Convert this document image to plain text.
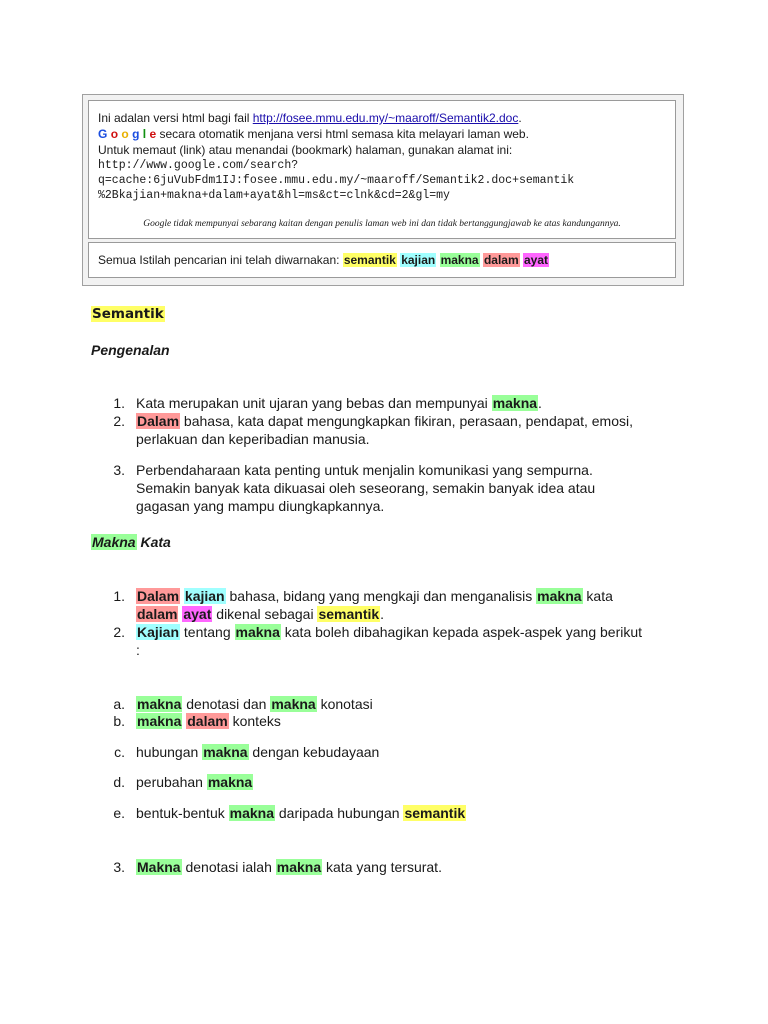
Ini adalan versi html bagi fail http://fosee.mmu.edu.my/~maaroff/Semantik2.doc.
G o o g l e secara otomatik menjana versi html semasa kita melayari laman web.
Untuk memaut (link) atau menandai (bookmark) halaman, gunakan alamat ini:
http://www.google.com/search?
q=cache:6juVubFdm1IJ:fosee.mmu.edu.my/~maaroff/Semantik2.doc+semantik
%2Bkajian+makna+dalam+ayat&hl=ms&ct=clnk&cd=2&gl=my
Google tidak mempunyai sebarang kaitan dengan penulis laman web ini dan tidak bertanggungjawab ke atas kandungannya.
Semua Istilah pencarian ini telah diwarnakan: semantik kajian makna dalam ayat
Semantik
Pengenalan
1. Kata merupakan unit ujaran yang bebas dan mempunyai makna.
2. Dalam bahasa, kata dapat mengungkapkan fikiran, perasaan, pendapat, emosi,
perlakuan dan keperibadian manusia.
3. Perbendaharaan kata penting untuk menjalin komunikasi yang sempurna.
Semakin banyak kata dikuasai oleh seseorang, semakin banyak idea atau
gagasan yang mampu diungkapkannya.
Makna Kata
1. Dalam kajian bahasa, bidang yang mengkaji dan menganalisis makna kata
dalam ayat dikenal sebagai semantik.
2. Kajian tentang makna kata boleh dibahagikan kepada aspek-aspek yang berikut
:
a. makna denotasi dan makna konotasi
b. makna dalam konteks
c. hubungan makna dengan kebudayaan
d. perubahan makna
e. bentuk-bentuk makna daripada hubungan semantik
3. Makna denotasi ialah makna kata yang tersurat.
